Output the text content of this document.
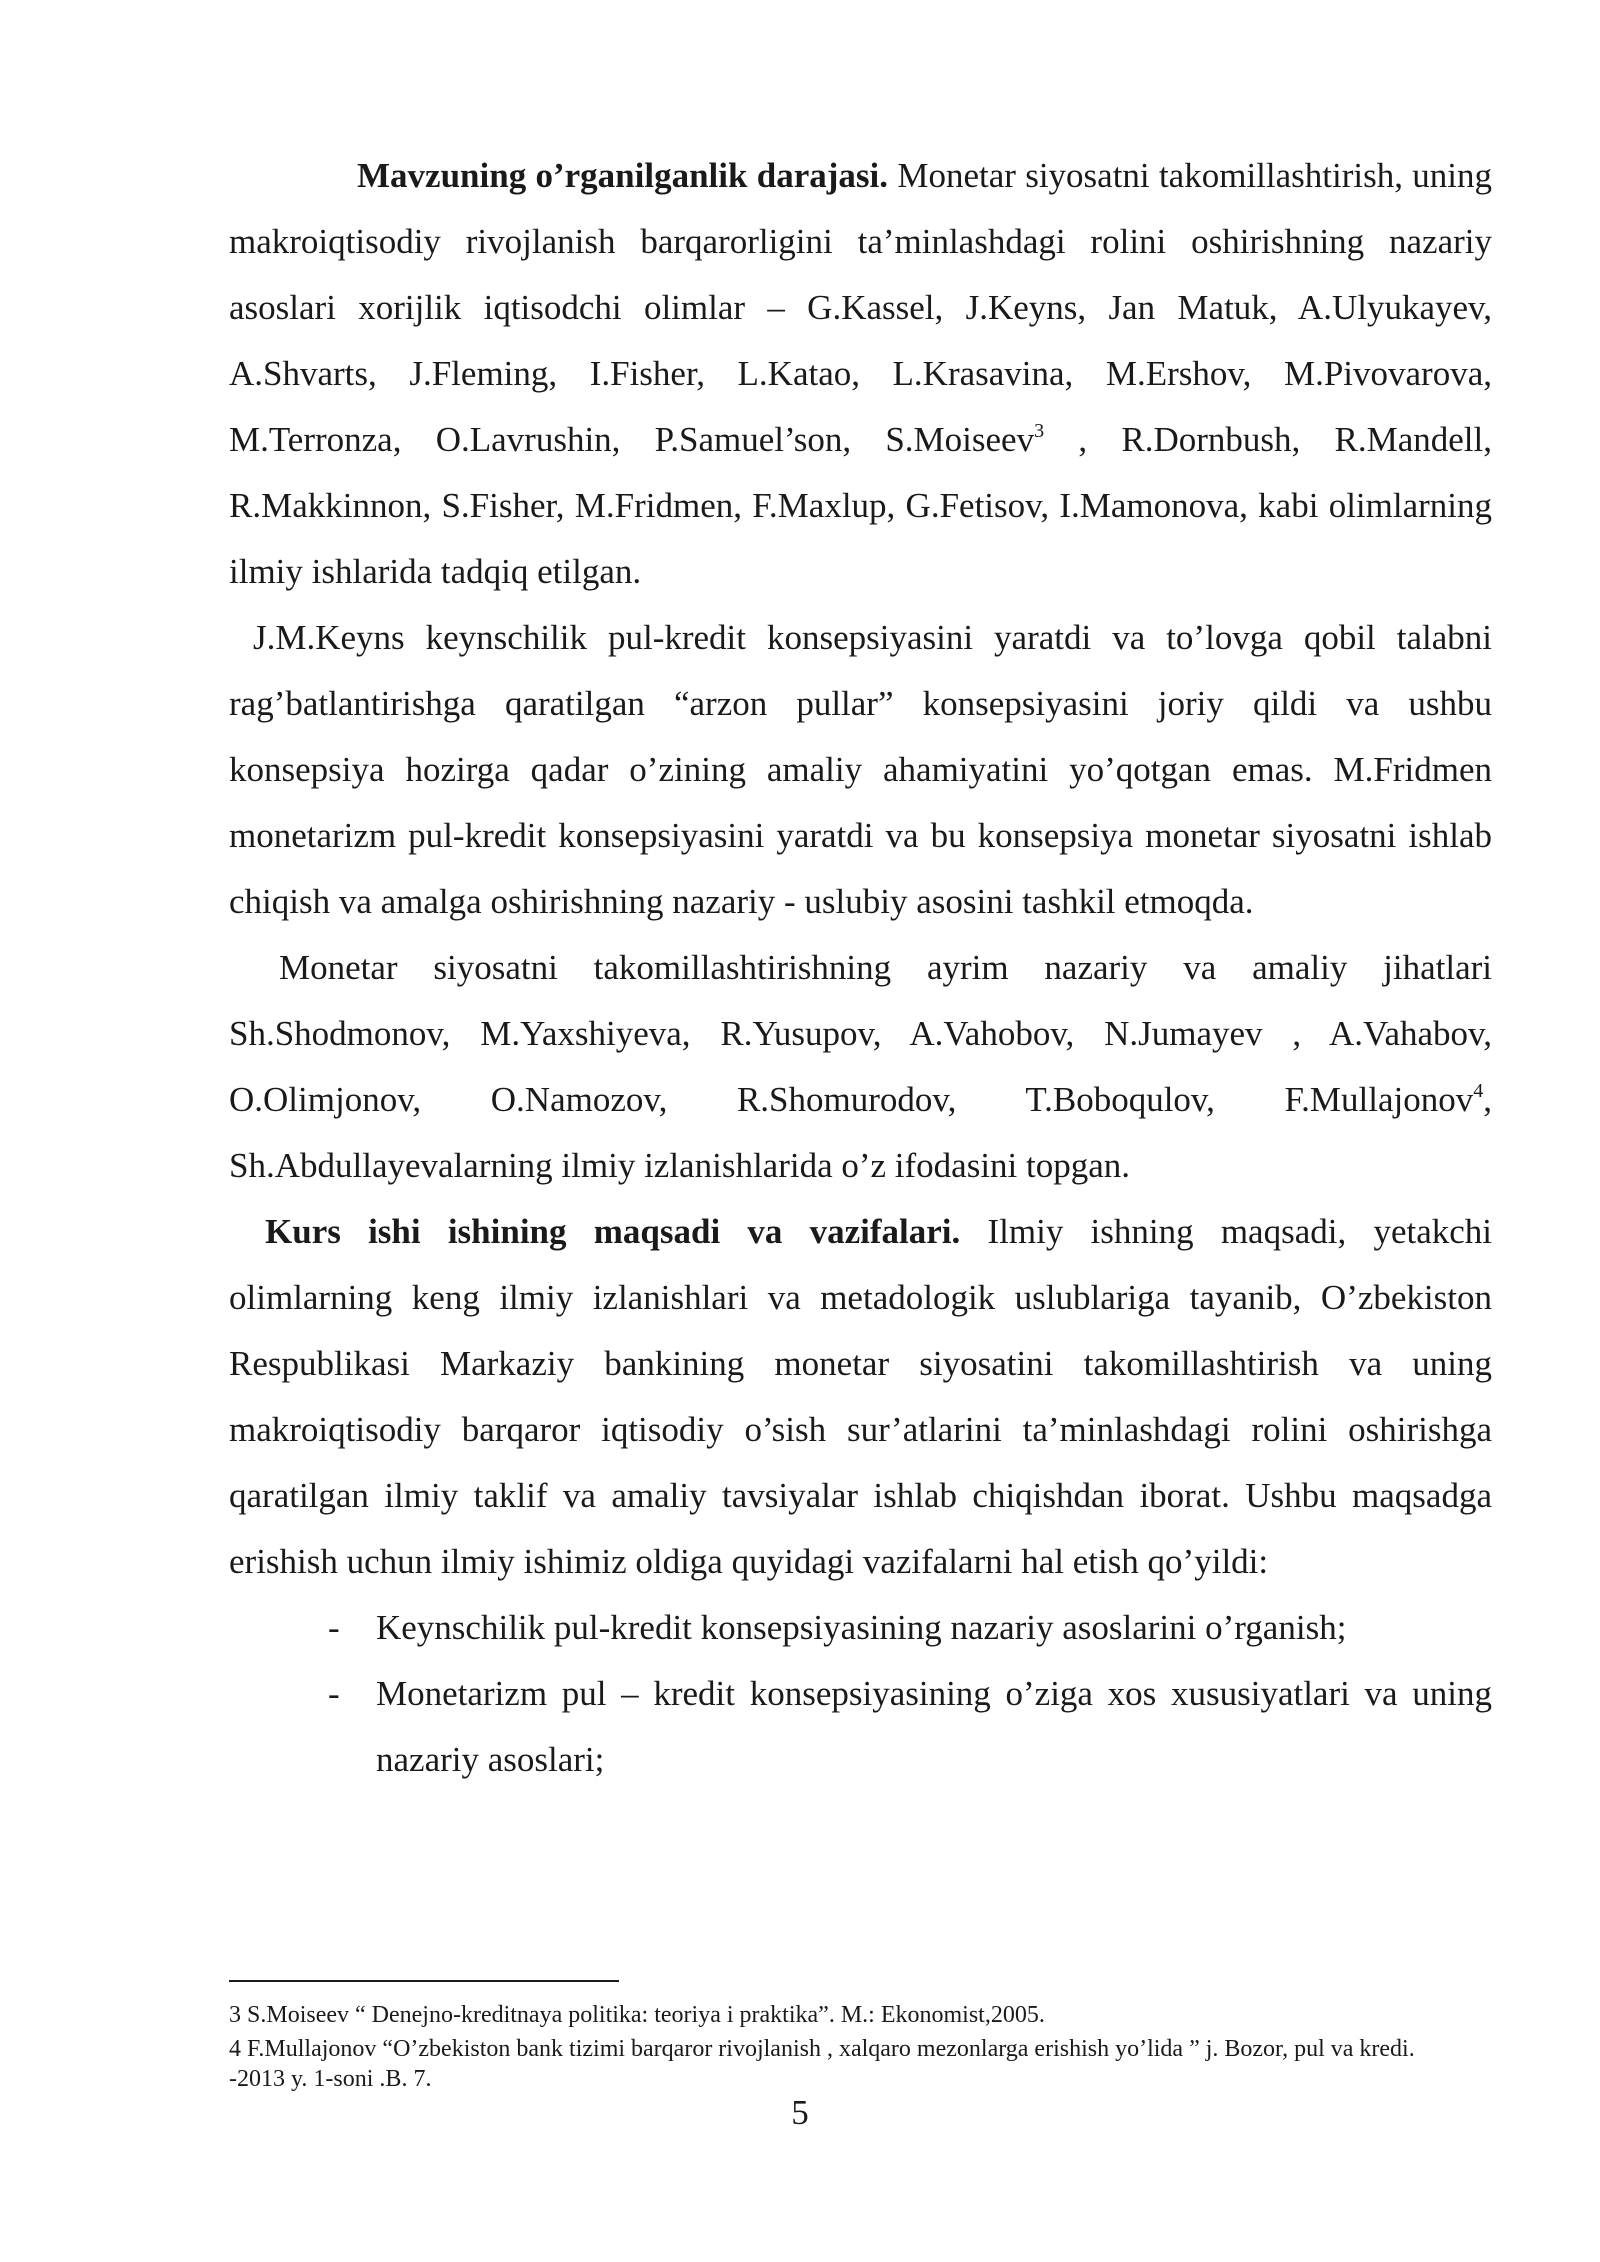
Mavzuning o’rganilganlik darajasi. Monetar siyosatni takomillashtirish, uning makroiqtisodiy rivojlanish barqarorligini ta’minlashdagi rolini oshirishning nazariy asoslari xorijlik iqtisodchi olimlar – G.Kassel, J.Keyns, Jan Matuk, A.Ulyukayev, A.Shvarts, J.Fleming, I.Fisher, L.Katao, L.Krasavina, M.Ershov, M.Pivovarova, M.Terronza, O.Lavrushin, P.Samuel’son, S.Moiseev$^3$ , R.Dornbush, R.Mandell, R.Makkinnon, S.Fisher, M.Fridmen, F.Maxlup, G.Fetisov, I.Mamonova, kabi olimlarning ilmiy ishlarida tadqiq etilgan.

J.M.Keyns keynschilik pul-kredit konsepsiyasini yaratdi va to’lovga qobil talabni rag’batlantirishga qaratilgan “arzon pullar” konsepsiyasini joriy qildi va ushbu konsepsiya hozirga qadar o’zining amaliy ahamiyatini yo’qotgan emas. M.Fridmen monetarizm pul-kredit konsepsiyasini yaratdi va bu konsepsiya monetar siyosatni ishlab chiqish va amalga oshirishning nazariy - uslubiy asosini tashkil etmoqda.

Monetar siyosatni takomillashtirishning ayrim nazariy va amaliy jihatlari Sh.Shodmonov, M.Yaxshiyeva, R.Yusupov, A.Vahobov, N.Jumayev , A.Vahabov, O.Olimjonov, O.Namozov, R.Shomurodov, T.Boboqulov, F.Mullajonov$^4$, Sh.Abdullayevalarning ilmiy izlanishlarida o’z ifodasini topgan.

Kurs ishi ishining maqsadi va vazifalari. Ilmiy ishning maqsadi, yetakchi olimlarning keng ilmiy izlanishlari va metadologik uslublariga tayanib, O’zbekiston Respublikasi Markaziy bankining monetar siyosatini takomillashtirish va uning makroiqtisodiy barqaror iqtisodiy o’sish sur’atlarini ta’minlashdagi rolini oshirishga qaratilgan ilmiy taklif va amaliy tavsiyalar ishlab chiqishdan iborat. Ushbu maqsadga erishish uchun ilmiy ishimiz oldiga quyidagi vazifalarni hal etish qo’yildi:

- Keynschilik pul-kredit konsepsiyasining nazariy asoslarini o’rganish;
- Monetarizm pul – kredit konsepsiyasining o’ziga xos xususiyatlari va uning nazariy asoslari;

3 S.Moiseev “ Denejno-kreditnaya politika: teoriya i praktika”. M.: Ekonomist,2005.

4 F.Mullajonov “O’zbekiston bank tizimi barqaror rivojlanish , xalqaro mezonlarga erishish yo’lida ” j. Bozor, pul va kredi. -2013 y. 1-soni .B. 7.

5
